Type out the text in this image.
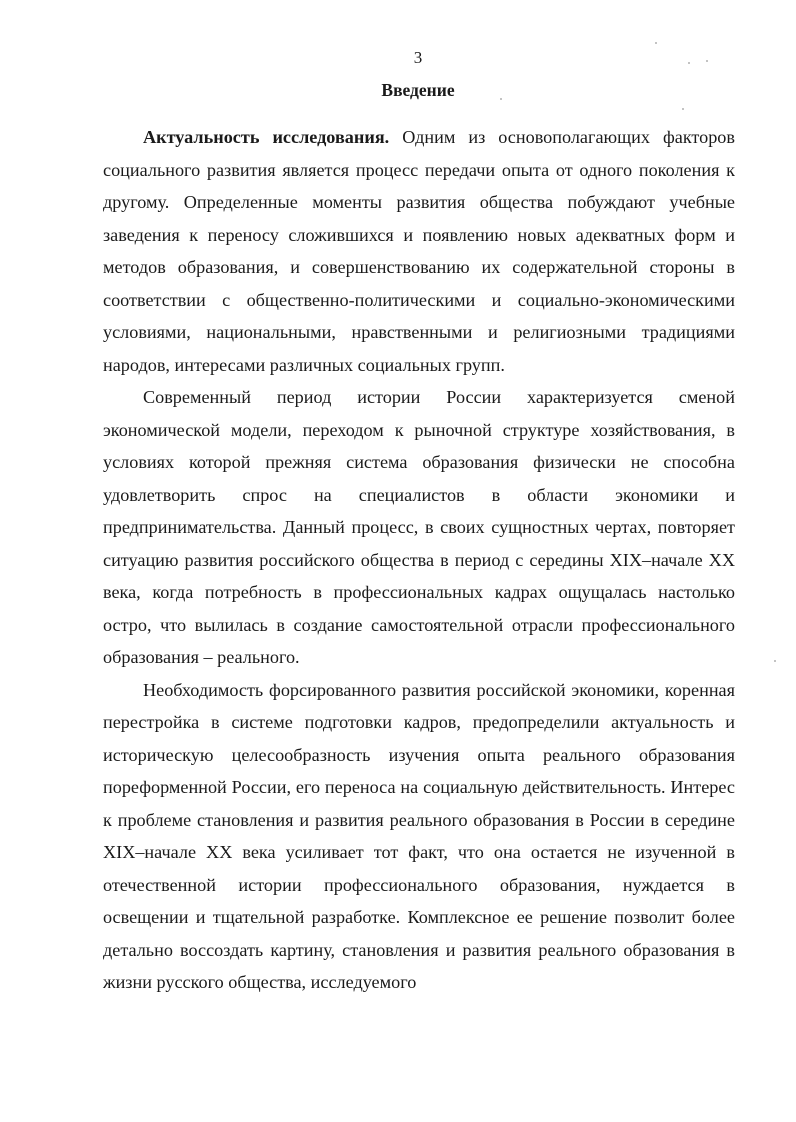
3
Введение

Актуальность исследования. Одним из основополагающих факторов социального развития является процесс передачи опыта от одного поколения к другому. Определенные моменты развития общества побуждают учебные заведения к переносу сложившихся и появлению новых адекватных форм и методов образования, и совершенствованию их содержательной стороны в соответствии с общественно-политическими и социально-экономическими условиями, национальными, нравственными и религиозными традициями народов, интересами различных социальных групп.

Современный период истории России характеризуется сменой экономической модели, переходом к рыночной структуре хозяйствования, в условиях которой прежняя система образования физически не способна удовлетворить спрос на специалистов в области экономики и предпринимательства. Данный процесс, в своих сущностных чертах, повторяет ситуацию развития российского общества в период с середины XIX–начале XX века, когда потребность в профессиональных кадрах ощущалась настолько остро, что вылилась в создание самостоятельной отрасли профессионального образования – реального.

Необходимость форсированного развития российской экономики, коренная перестройка в системе подготовки кадров, предопределили актуальность и историческую целесообразность изучения опыта реального образования пореформенной России, его переноса на социальную действительность. Интерес к проблеме становления и развития реального образования в России в середине XIX–начале XX века усиливает тот факт, что она остается не изученной в отечественной истории профессионального образования, нуждается в освещении и тщательной разработке. Комплексное ее решение позволит более детально воссоздать картину, становления и развития реального образования в жизни русского общества, исследуемого
